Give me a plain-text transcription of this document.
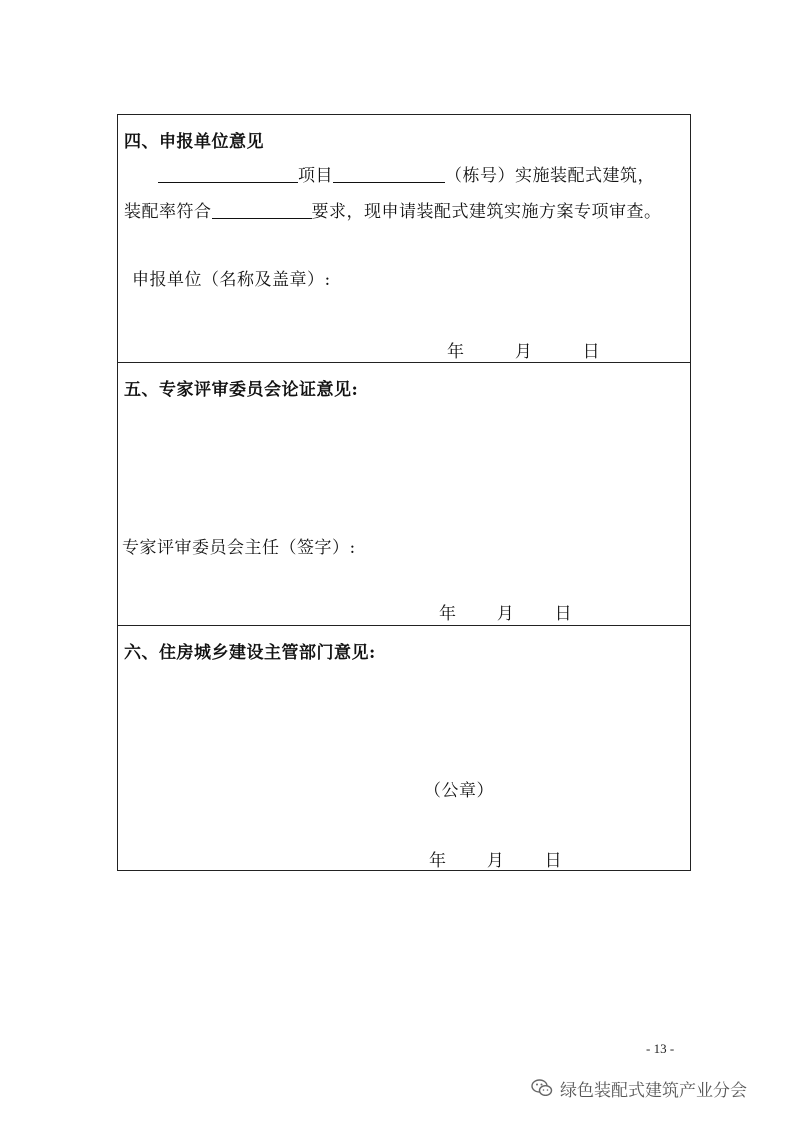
四、申报单位意见
项目	（栋号）实施装配式建筑，
装配率符合	要求，现申请装配式建筑实施方案专项审查。
申报单位（名称及盖章）:
年	月	日
五、专家评审委员会论证意见:
专家评审委员会主任（签字）:
年 月 日
六、住房城乡建设主管部门意见:
（公章）
年 月 日
- 13 -
绿色装配式建筑产业分会
